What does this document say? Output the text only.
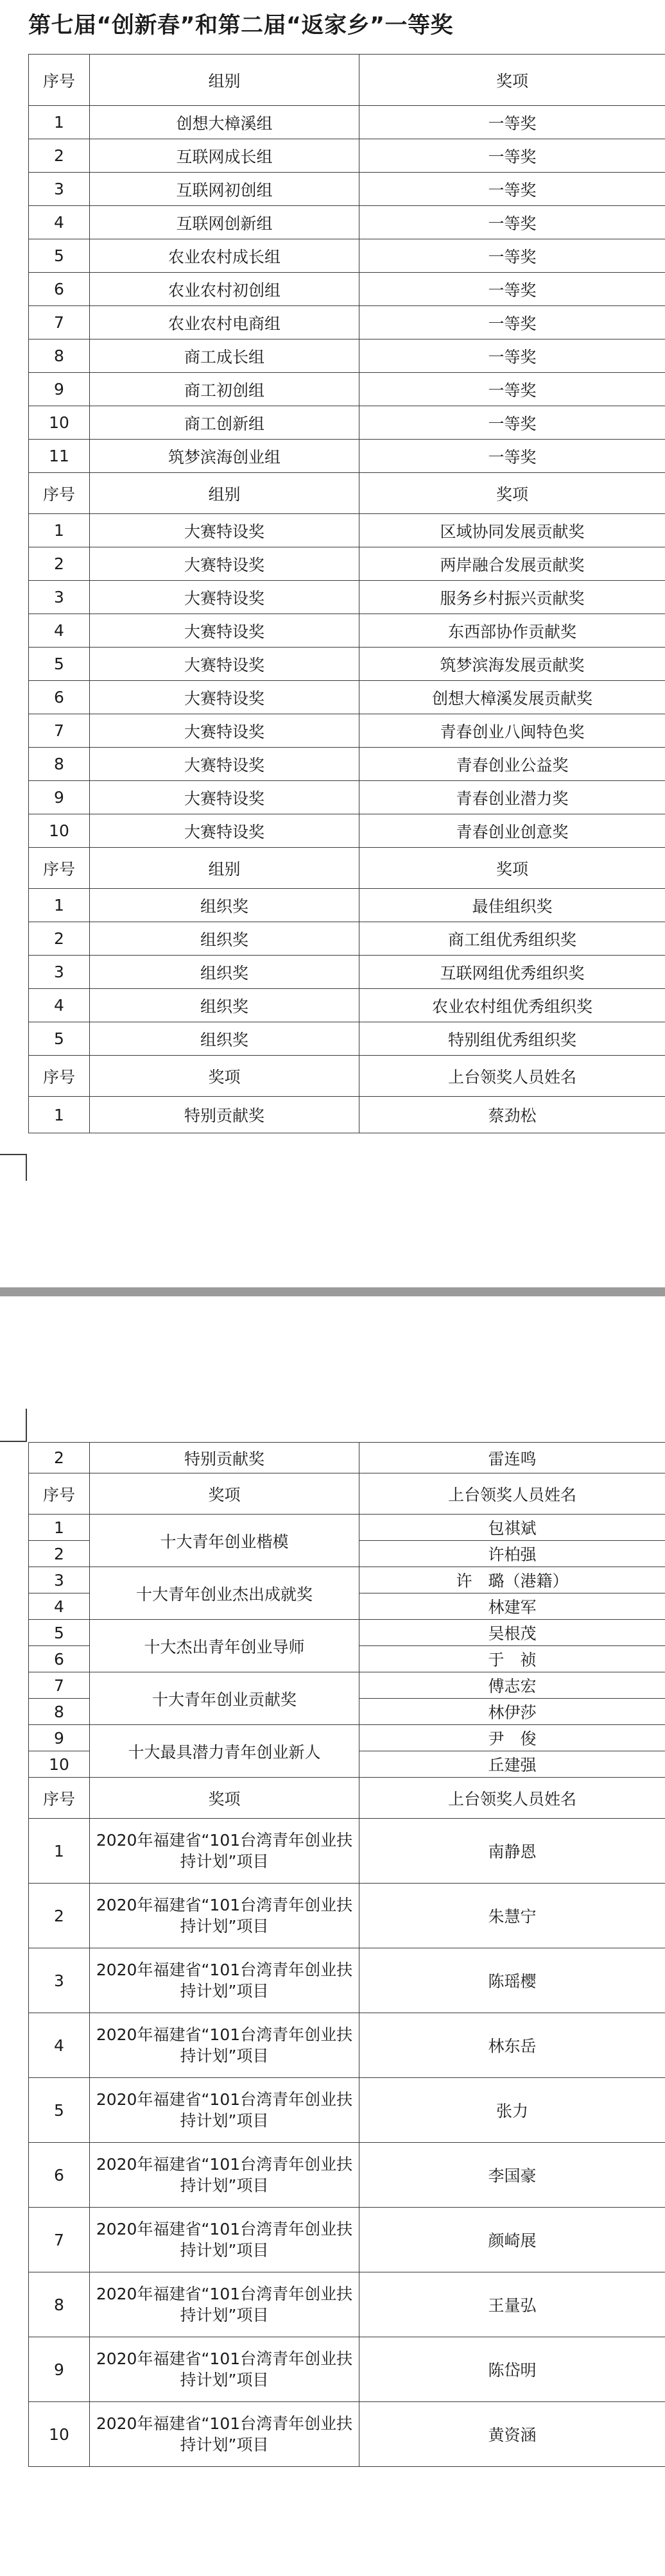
第七届“创新春”和第二届“返家乡”一等奖
序号	组别	奖项
1	创想大樟溪组	一等奖
2	互联网成长组	一等奖
3	互联网初创组	一等奖
4	互联网创新组	一等奖
5	农业农村成长组	一等奖
6	农业农村初创组	一等奖
7	农业农村电商组	一等奖
8	商工成长组	一等奖
9	商工初创组	一等奖
10	商工创新组	一等奖
11	筑梦滨海创业组	一等奖
序号	组别	奖项
1	大赛特设奖	区域协同发展贡献奖
2	大赛特设奖	两岸融合发展贡献奖
3	大赛特设奖	服务乡村振兴贡献奖
4	大赛特设奖	东西部协作贡献奖
5	大赛特设奖	筑梦滨海发展贡献奖
6	大赛特设奖	创想大樟溪发展贡献奖
7	大赛特设奖	青春创业八闽特色奖
8	大赛特设奖	青春创业公益奖
9	大赛特设奖	青春创业潜力奖
10	大赛特设奖	青春创业创意奖
序号	组别	奖项
1	组织奖	最佳组织奖
2	组织奖	商工组优秀组织奖
3	组织奖	互联网组优秀组织奖
4	组织奖	农业农村组优秀组织奖
5	组织奖	特别组优秀组织奖
序号	奖项	上台领奖人员姓名
1	特别贡献奖	蔡劲松
2	特别贡献奖	雷连鸣
序号	奖项	上台领奖人员姓名
1	十大青年创业楷模	包祺斌
2		许柏强
3	十大青年创业杰出成就奖	许　璐（港籍）
4		林建军
5	十大杰出青年创业导师	吴根茂
6		于　祯
7	十大青年创业贡献奖	傅志宏
8		林伊莎
9	十大最具潜力青年创业新人	尹　俊
10		丘建强
序号	奖项	上台领奖人员姓名
1	2020年福建省“101台湾青年创业扶持计划”项目	南静恩
2	2020年福建省“101台湾青年创业扶持计划”项目	朱慧宁
3	2020年福建省“101台湾青年创业扶持计划”项目	陈瑶樱
4	2020年福建省“101台湾青年创业扶持计划”项目	林东岳
5	2020年福建省“101台湾青年创业扶持计划”项目	张力
6	2020年福建省“101台湾青年创业扶持计划”项目	李国豪
7	2020年福建省“101台湾青年创业扶持计划”项目	颜崎展
8	2020年福建省“101台湾青年创业扶持计划”项目	王量弘
9	2020年福建省“101台湾青年创业扶持计划”项目	陈岱明
10	2020年福建省“101台湾青年创业扶持计划”项目	黄资涵
